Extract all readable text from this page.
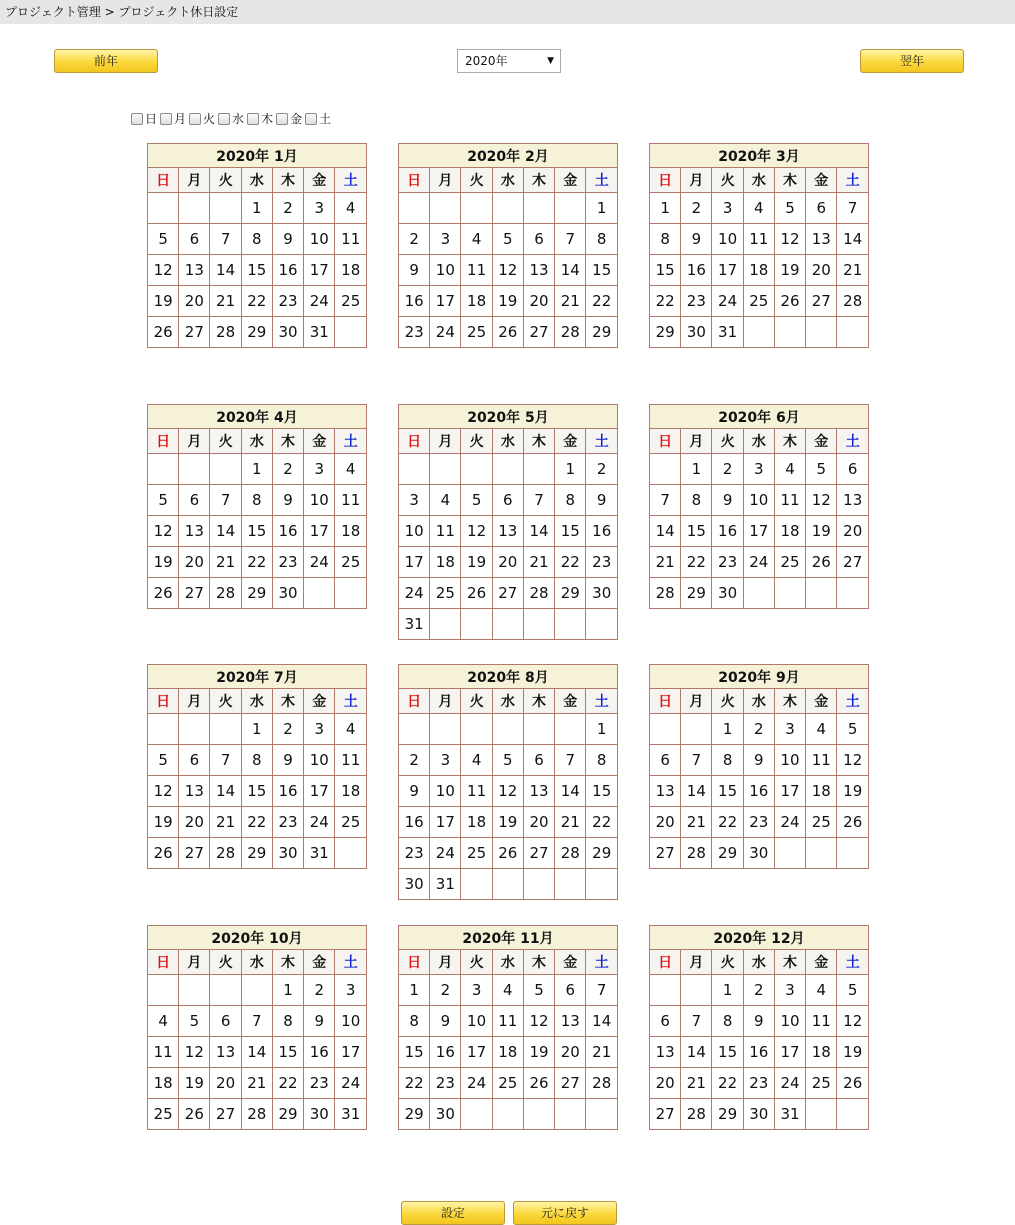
プロジェクト管理 > プロジェクト休日設定
前年	2020年	▼	翌年
日 月 火 水 木 金 土
2020年 1月						
日	月	火	水	木	金	土
			1	2	3	4
5	6	7	8	9	10	11
12	13	14	15	16	17	18
19	20	21	22	23	24	25
26	27	28	29	30	31	
2020年 2月						
日	月	火	水	木	金	土
						1
2	3	4	5	6	7	8
9	10	11	12	13	14	15
16	17	18	19	20	21	22
23	24	25	26	27	28	29
2020年 3月						
日	月	火	水	木	金	土
1	2	3	4	5	6	7
8	9	10	11	12	13	14
15	16	17	18	19	20	21
22	23	24	25	26	27	28
29	30	31				
2020年 4月						
日	月	火	水	木	金	土
			1	2	3	4
5	6	7	8	9	10	11
12	13	14	15	16	17	18
19	20	21	22	23	24	25
26	27	28	29	30		
2020年 5月						
日	月	火	水	木	金	土
					1	2
3	4	5	6	7	8	9
10	11	12	13	14	15	16
17	18	19	20	21	22	23
24	25	26	27	28	29	30
31						
2020年 6月						
日	月	火	水	木	金	土
	1	2	3	4	5	6
7	8	9	10	11	12	13
14	15	16	17	18	19	20
21	22	23	24	25	26	27
28	29	30				
2020年 7月						
日	月	火	水	木	金	土
			1	2	3	4
5	6	7	8	9	10	11
12	13	14	15	16	17	18
19	20	21	22	23	24	25
26	27	28	29	30	31	
2020年 8月						
日	月	火	水	木	金	土
						1
2	3	4	5	6	7	8
9	10	11	12	13	14	15
16	17	18	19	20	21	22
23	24	25	26	27	28	29
30	31					
2020年 9月						
日	月	火	水	木	金	土
		1	2	3	4	5
6	7	8	9	10	11	12
13	14	15	16	17	18	19
20	21	22	23	24	25	26
27	28	29	30			
2020年 10月						
日	月	火	水	木	金	土
				1	2	3
4	5	6	7	8	9	10
11	12	13	14	15	16	17
18	19	20	21	22	23	24
25	26	27	28	29	30	31
2020年 11月						
日	月	火	水	木	金	土
1	2	3	4	5	6	7
8	9	10	11	12	13	14
15	16	17	18	19	20	21
22	23	24	25	26	27	28
29	30					
2020年 12月						
日	月	火	水	木	金	土
		1	2	3	4	5
6	7	8	9	10	11	12
13	14	15	16	17	18	19
20	21	22	23	24	25	26
27	28	29	30	31		
設定	元に戻す
